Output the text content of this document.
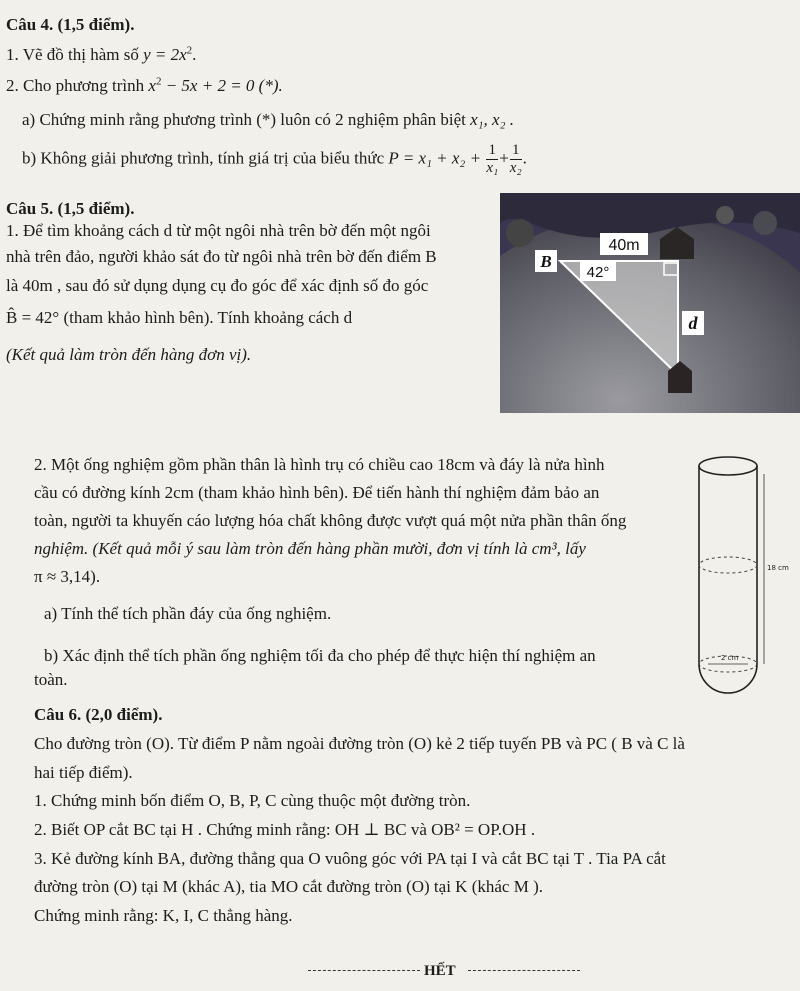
Câu 4. (1,5 điểm).
1. Vẽ đồ thị hàm số $y = 2x^2$.
2. Cho phương trình $x^2 - 5x + 2 = 0$ (*).
a) Chứng minh rằng phương trình (*) luôn có 2 nghiệm phân biệt x₁, x₂ .
b) Không giải phương trình, tính giá trị của biểu thức $P = x_1 + x_2 + \frac{1}{\text{x₁}} + \frac{1}{\text{x₂}}$ .
Câu 5. (1,5 điểm).
1. Để tìm khoảng cách d từ một ngôi nhà trên bờ đến một ngôi
nhà trên đảo, người khảo sát đo từ ngôi nhà trên bờ đến điểm B
là 40m , sau đó sử dụng dụng cụ đo góc để xác định số đo góc
B̂ = 42° (tham khảo hình bên). Tính khoảng cách d
(Kết quả làm tròn đến hàng đơn vị).
B
40m
42°
d
2. Một ống nghiệm gồm phần thân là hình trụ có chiều cao 18cm và đáy là nửa hình
cầu có đường kính 2cm (tham khảo hình bên). Để tiến hành thí nghiệm đảm bảo an
toàn, người ta khuyến cáo lượng hóa chất không được vượt quá một nửa phần thân ống
nghiệm. (Kết quả mỗi ý sau làm tròn đến hàng phần mười, đơn vị tính là cm³, lấy
π ≈ 3,14).
a) Tính thể tích phần đáy của ống nghiệm.
b) Xác định thể tích phần ống nghiệm tối đa cho phép để thực hiện thí nghiệm an
toàn.
18 cm
2 cm
Câu 6. (2,0 điểm).
Cho đường tròn (O). Từ điểm P nằm ngoài đường tròn (O) kẻ 2 tiếp tuyến PB và PC ( B và C là
hai tiếp điểm).
1. Chứng minh bốn điểm O, B, P, C cùng thuộc một đường tròn.
2. Biết OP cắt BC tại H . Chứng minh rằng: OH ⊥ BC và OB² = OP.OH .
3. Kẻ đường kính BA, đường thẳng qua O vuông góc với PA tại I và cắt BC tại T . Tia PA cắt
đường tròn (O) tại M (khác A), tia MO cắt đường tròn (O) tại K (khác M ).
Chứng minh rằng: K, I, C thẳng hàng.
HẾT
